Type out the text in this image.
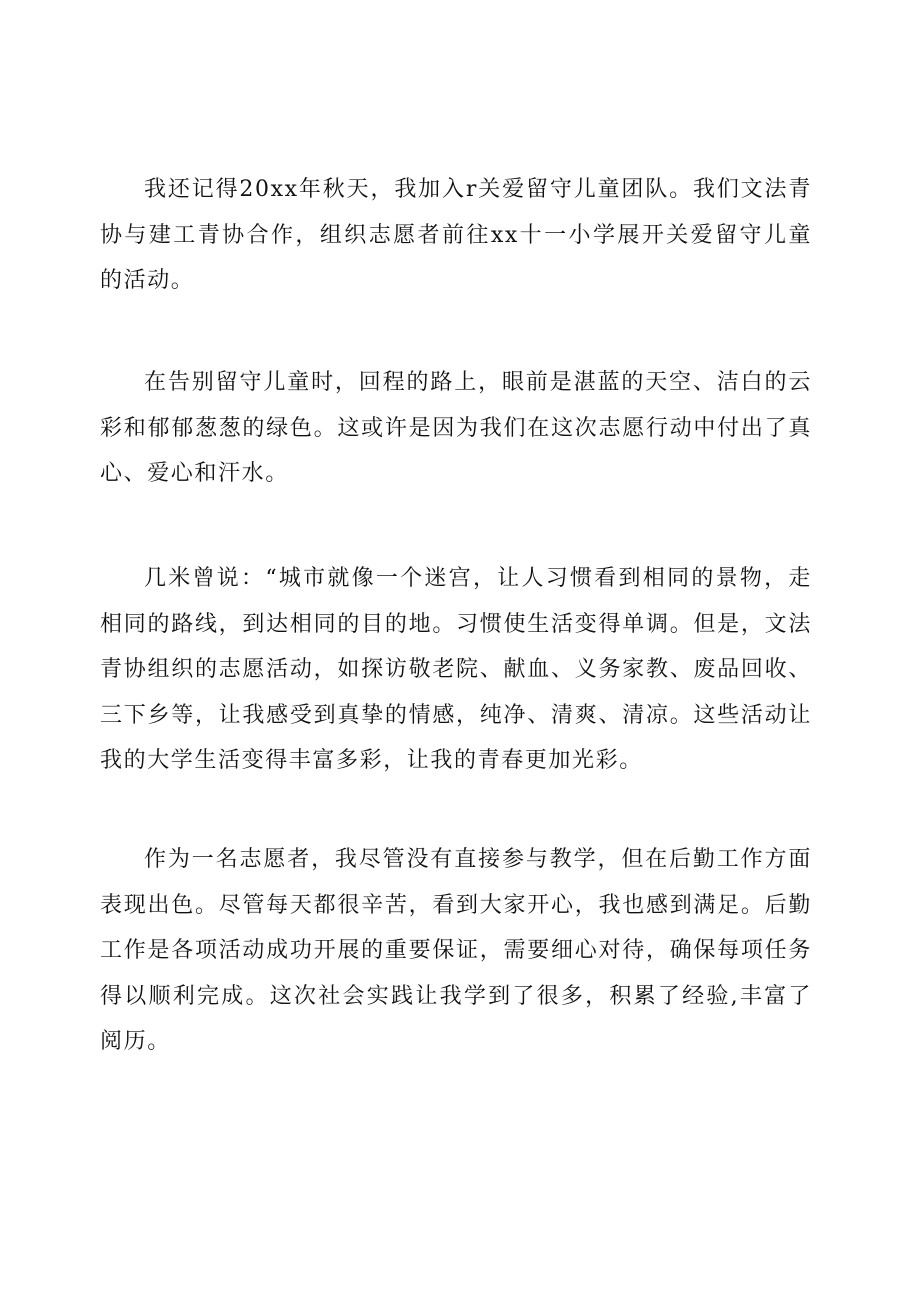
我还记得20xx年秋天，我加入r关爱留守儿童团队。我们文法青协与建工青协合作，组织志愿者前往xx十一小学展开关爱留守儿童的活动。

在告别留守儿童时，回程的路上，眼前是湛蓝的天空、洁白的云彩和郁郁葱葱的绿色。这或许是因为我们在这次志愿行动中付出了真心、爱心和汗水。

几米曾说：“城市就像一个迷宫，让人习惯看到相同的景物，走相同的路线，到达相同的目的地。习惯使生活变得单调。但是，文法青协组织的志愿活动，如探访敬老院、献血、义务家教、废品回收、三下乡等，让我感受到真挚的情感，纯净、清爽、清凉。这些活动让我的大学生活变得丰富多彩，让我的青春更加光彩。

作为一名志愿者，我尽管没有直接参与教学，但在后勤工作方面表现出色。尽管每天都很辛苦，看到大家开心，我也感到满足。后勤工作是各项活动成功开展的重要保证，需要细心对待，确保每项任务得以顺利完成。这次社会实践让我学到了很多，积累了经验,丰富了阅历。
